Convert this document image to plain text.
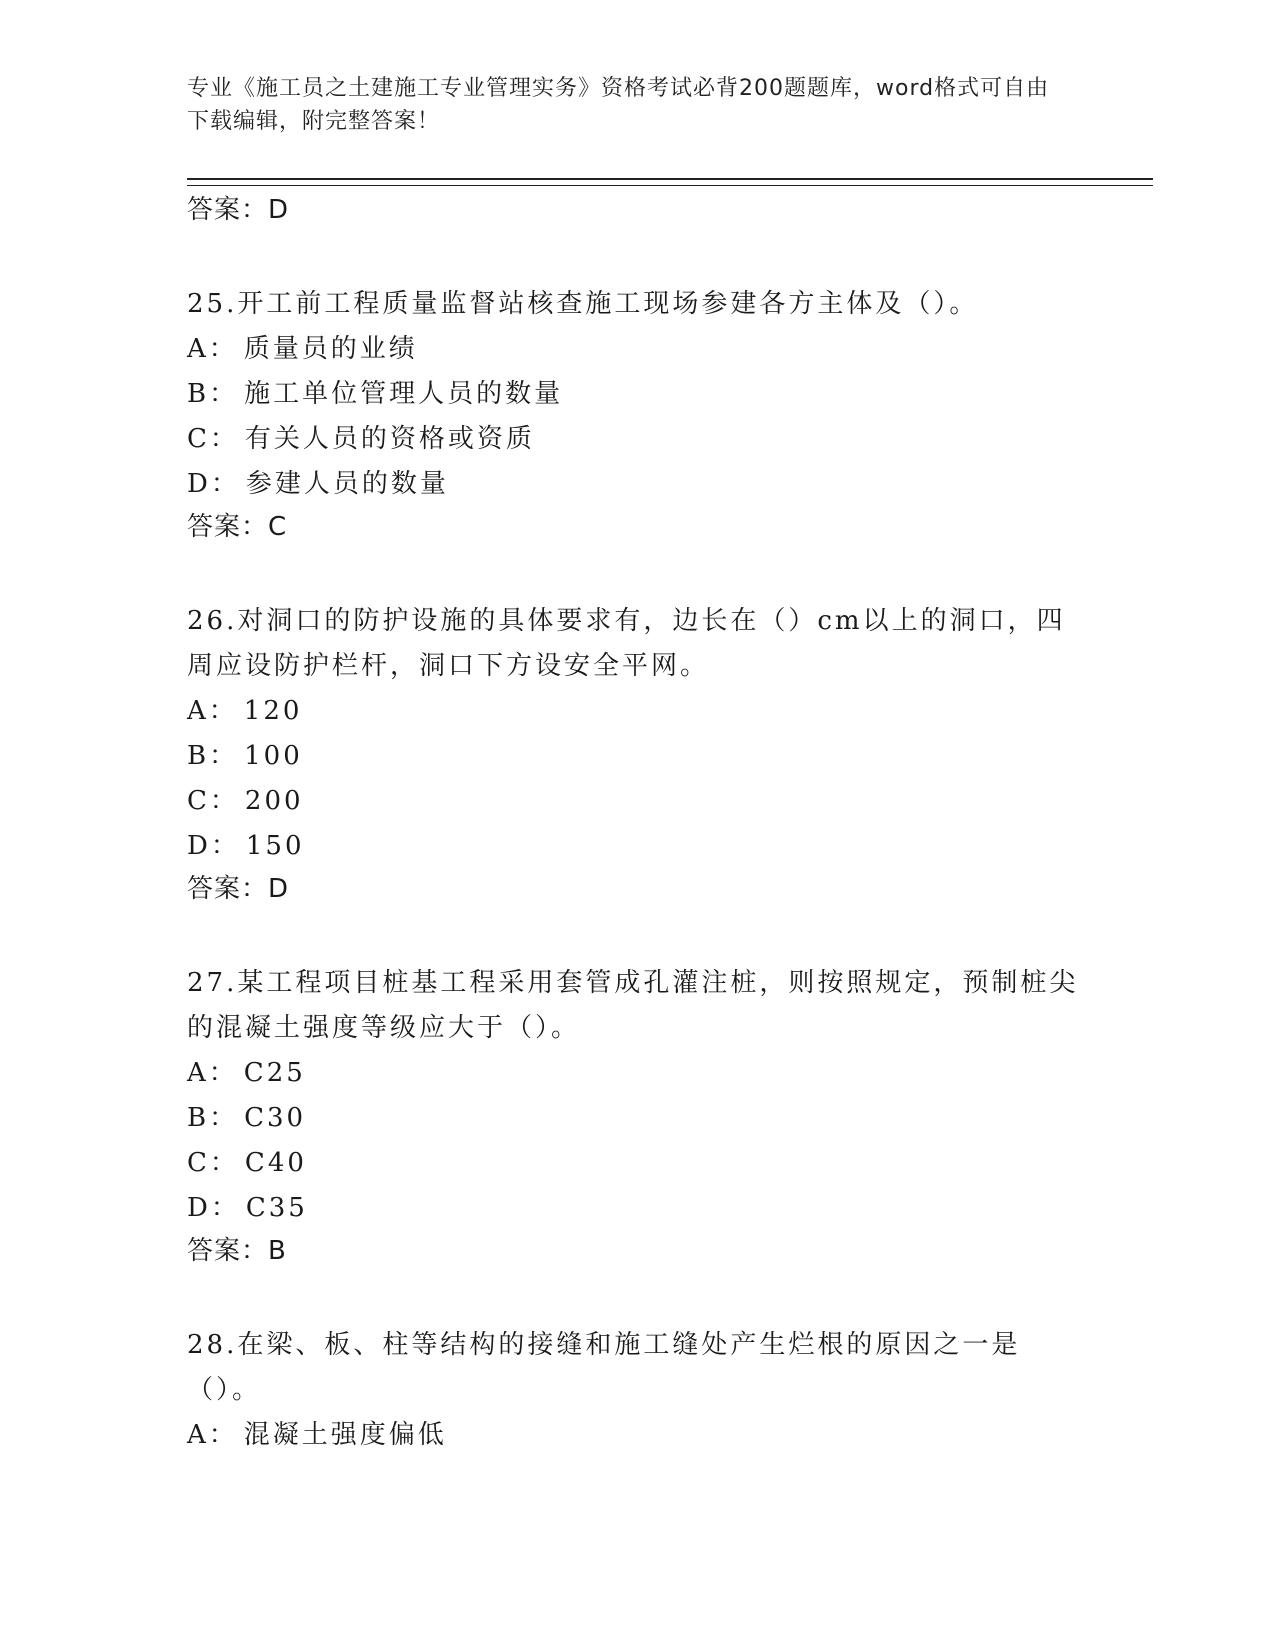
专业《施工员之土建施工专业管理实务》资格考试必背200题题库，word格式可自由下载编辑，附完整答案！
答案：D

25.开工前工程质量监督站核查施工现场参建各方主体及（）。

A： 质量员的业绩
B： 施工单位管理人员的数量
C： 有关人员的资格或资质
D： 参建人员的数量
答案：C

26.对洞口的防护设施的具体要求有，边长在（）cm以上的洞口，四周应设防护栏杆，洞口下方设安全平网。

A： 120
B： 100
C： 200
D： 150
答案：D

27.某工程项目桩基工程采用套管成孔灌注桩，则按照规定，预制桩尖的混凝土强度等级应大于（）。

A： C25
B： C30
C： C40
D： C35
答案：B

28.在梁、板、柱等结构的接缝和施工缝处产生烂根的原因之一是（）。

A： 混凝土强度偏低
